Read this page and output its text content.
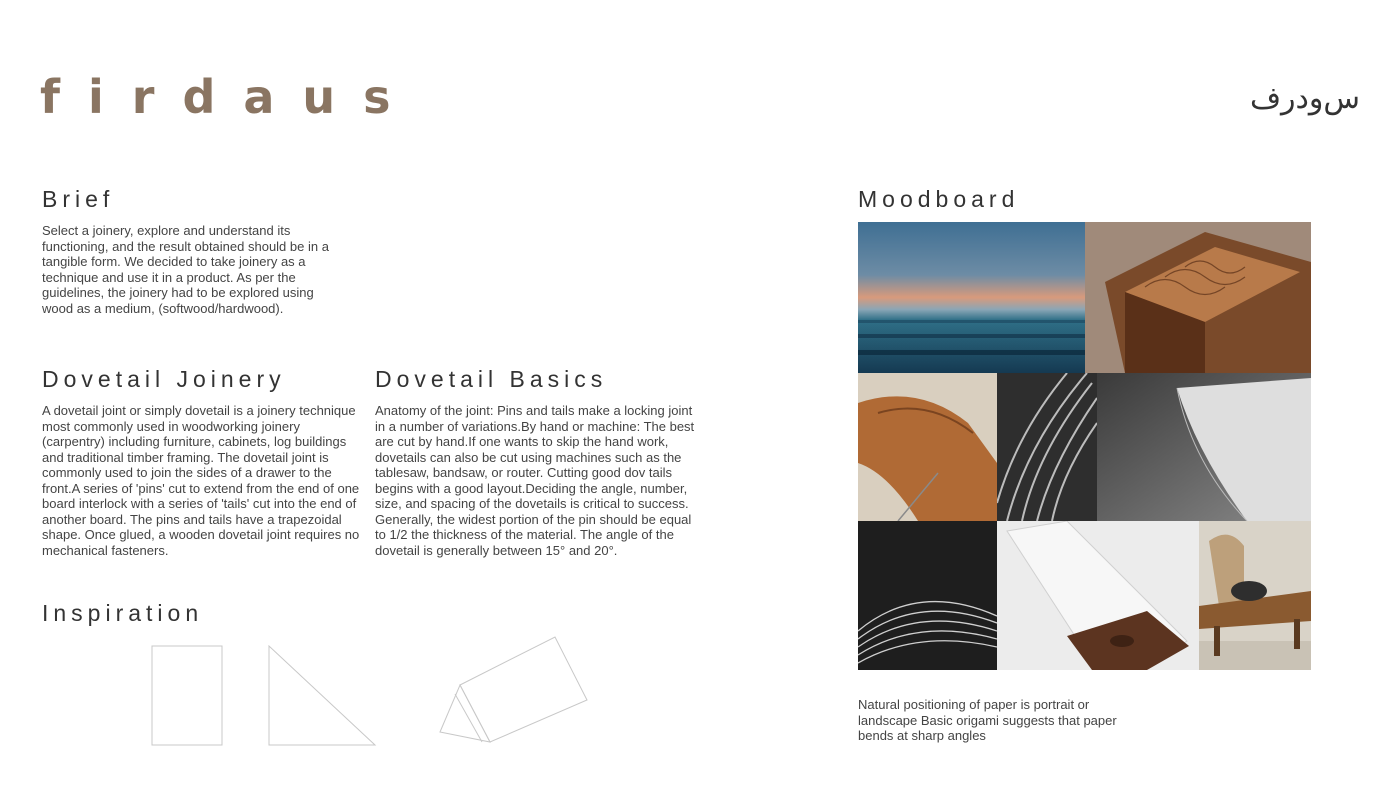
firdaus	س‌ودرف
Brief

Select a joinery, explore and understand its functioning, and the result obtained should be in a tangible form. We decided to take joinery as a technique and use it in a product. As per the guidelines, the joinery had to be explored using wood as a medium, (softwood/hardwood).

Dovetail Joinery

A dovetail joint or simply dovetail is a joinery technique most commonly used in woodworking joinery (carpentry) including furniture, cabinets, log buildings and traditional timber framing. The dovetail joint is commonly used to join the sides of a drawer to the front.A series of 'pins' cut to extend from the end of one board interlock with a series of 'tails' cut into the end of another board. The pins and tails have a trapezoidal shape. Once glued, a wooden dovetail joint requires no mechanical fasteners.

Dovetail Basics

Anatomy of the joint: Pins and tails make a locking joint in a number of variations.By hand or machine: The best are cut by hand.If one wants to skip the hand work, dovetails can also be cut using machines such as the tablesaw, bandsaw, or router. Cutting good dov tails begins with a good layout.Deciding the angle, number, size, and spacing of the dovetails is critical to success. Generally, the widest portion of the pin should be equal to 1/2 the thickness of the material. The angle of the dovetail is generally between 15° and 20°.

Inspiration
Moodboard

Natural positioning of paper is portrait or landscape Basic origami suggests that paper bends at sharp angles
